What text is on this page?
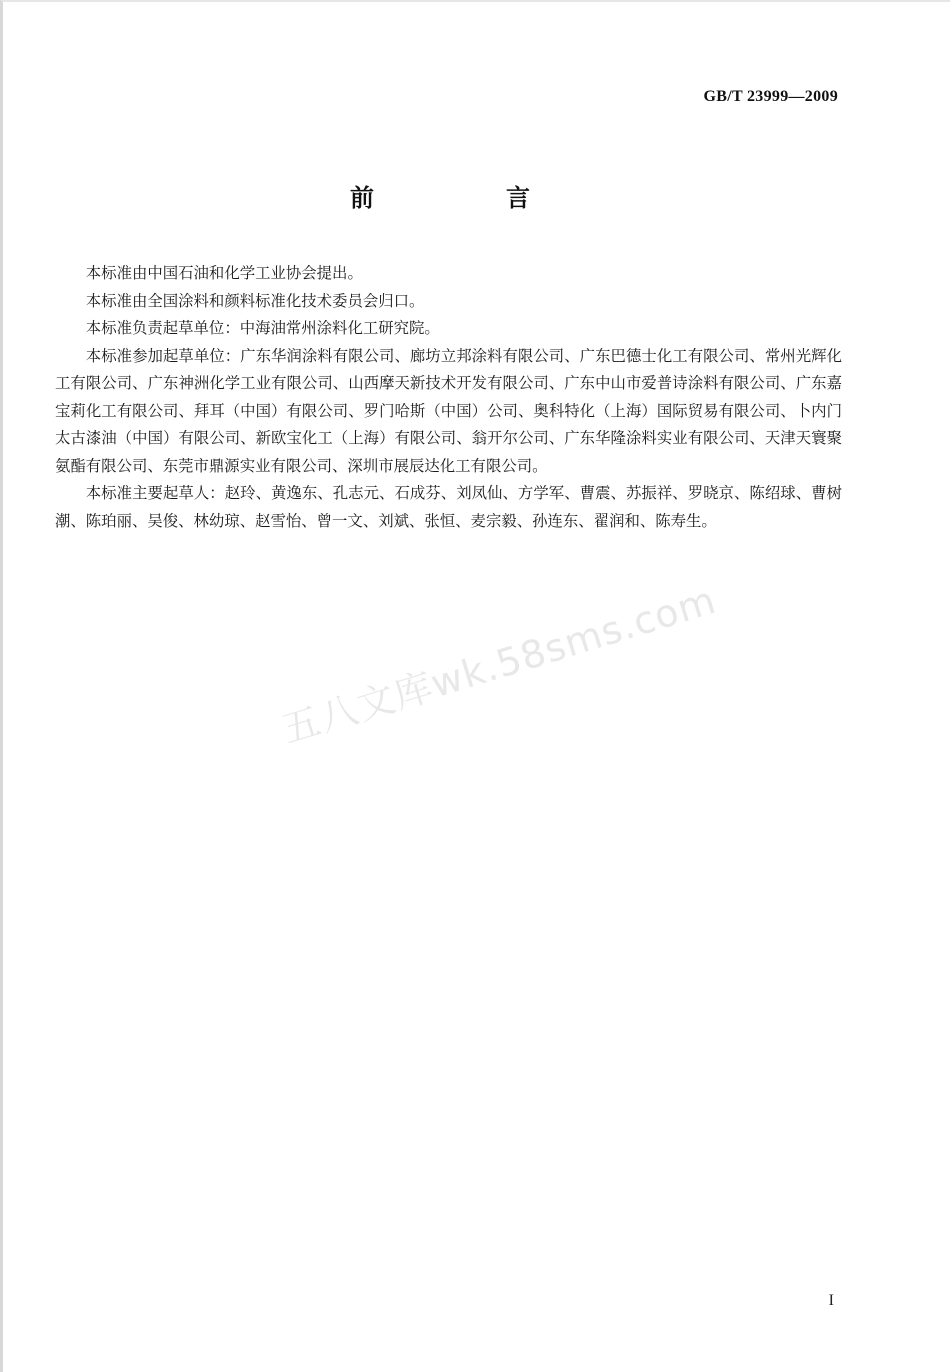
GB/T 23999—2009
前　言

本标准由中国石油和化学工业协会提出。

本标准由全国涂料和颜料标准化技术委员会归口。

本标准负责起草单位：中海油常州涂料化工研究院。

本标准参加起草单位：广东华润涂料有限公司、廊坊立邦涂料有限公司、广东巴德士化工有限公司、常州光辉化工有限公司、广东神洲化学工业有限公司、山西摩天新技术开发有限公司、广东中山市爱普诗涂料有限公司、广东嘉宝莉化工有限公司、拜耳（中国）有限公司、罗门哈斯（中国）公司、奥科特化（上海）国际贸易有限公司、卜内门太古漆油（中国）有限公司、新欧宝化工（上海）有限公司、翁开尔公司、广东华隆涂料实业有限公司、天津天寰聚氨酯有限公司、东莞市鼎源实业有限公司、深圳市展辰达化工有限公司。

本标准主要起草人：赵玲、黄逸东、孔志元、石成芬、刘凤仙、方学军、曹震、苏振祥、罗晓京、陈绍球、曹树潮、陈珀丽、吴俊、林幼琼、赵雪怡、曾一文、刘斌、张恒、麦宗毅、孙连东、翟润和、陈寿生。

五八文库wk.58sms.com
I
